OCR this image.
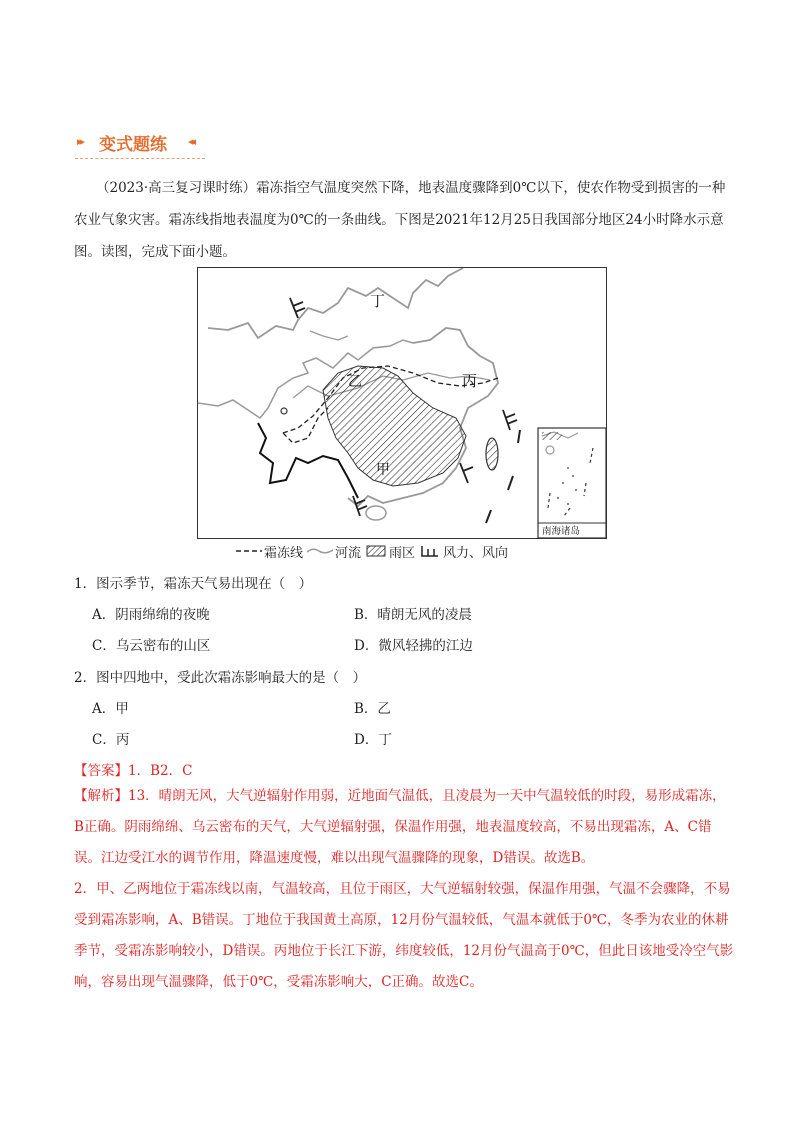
▸▸ 变式题练 ◂◂
（2023·高三复习课时练）霜冻指空气温度突然下降，地表温度骤降到0℃以下，使农作物受到损害的一种农业气象灾害。霜冻线指地表温度为0℃的一条曲线。下图是2021年12月25日我国部分地区24小时降水示意图。读图，完成下面小题。
丁
乙	丙
甲
南海诸岛
霜冻线 河流 雨区 风力、风向
1．图示季节，霜冻天气易出现在（　）
A．阴雨绵绵的夜晚	B．晴朗无风的凌晨
C．乌云密布的山区	D．微风轻拂的江边
2．图中四地中，受此次霜冻影响最大的是（　）
A．甲	B．乙
C．丙	D．丁
【答案】1．B2．C
【解析】13．晴朗无风，大气逆辐射作用弱，近地面气温低，且凌晨为一天中气温较低的时段，易形成霜冻，B正确。阴雨绵绵、乌云密布的天气，大气逆辐射强，保温作用强，地表温度较高，不易出现霜冻，A、C错误。江边受江水的调节作用，降温速度慢，难以出现气温骤降的现象，D错误。故选B。
2．甲、乙两地位于霜冻线以南，气温较高，且位于雨区，大气逆辐射较强，保温作用强，气温不会骤降，不易受到霜冻影响，A、B错误。丁地位于我国黄土高原，12月份气温较低，气温本就低于0℃，冬季为农业的休耕季节，受霜冻影响较小，D错误。丙地位于长江下游，纬度较低，12月份气温高于0℃，但此日该地受冷空气影响，容易出现气温骤降，低于0℃，受霜冻影响大，C正确。故选C。
